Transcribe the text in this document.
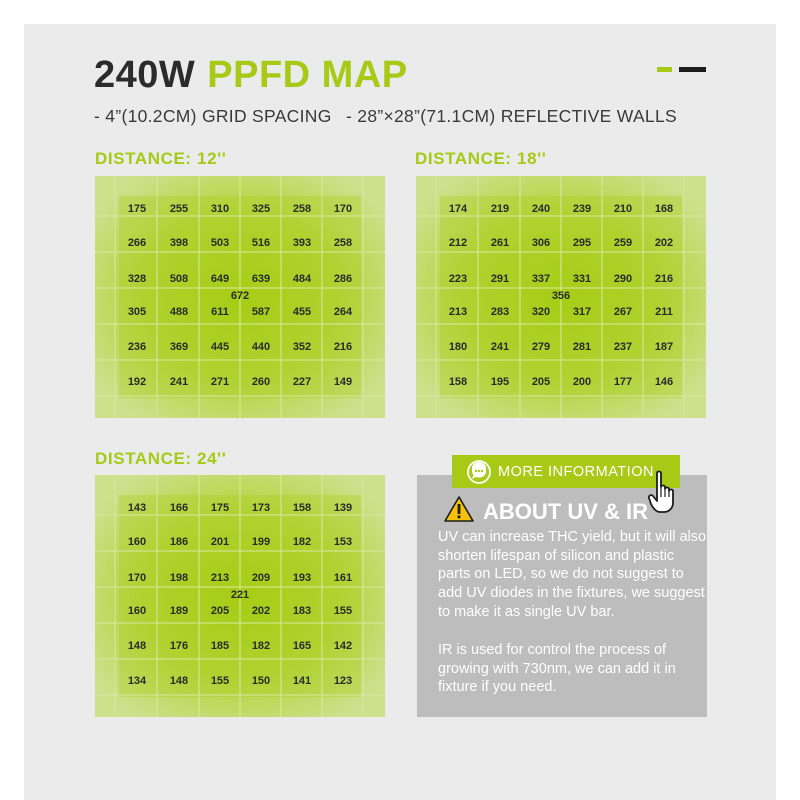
240W PPFD MAP
- 4”(10.2CM) GRID SPACING - 28”×28”(71.1CM) REFLECTIVE WALLS
DISTANCE: 12''	DISTANCE: 18''
DISTANCE: 24''
175	255	310	325	258	170
266	398	503	516	393	258
328	508	649	639	484	286
305	488	611	587	455	264
236	369	445	440	352	216
192	241	271	260	227	149
672
174	219	240	239	210	168
212	261	306	295	259	202
223	291	337	331	290	216
213	283	320	317	267	211
180	241	279	281	237	187
158	195	205	200	177	146
356
143	166	175	173	158	139
160	186	201	199	182	153
170	198	213	209	193	161
160	189	205	202	183	155
148	176	185	182	165	142
134	148	155	150	141	123
221
MORE INFORMATION
ABOUT UV & IR
UV can increase THC yield, but it will also shorten lifespan of silicon and plastic parts on LED, so we do not suggest to add UV diodes in the fixtures, we suggest to make it as single UV bar.
IR is used for control the process of growing with 730nm, we can add it in fixture if you need.
